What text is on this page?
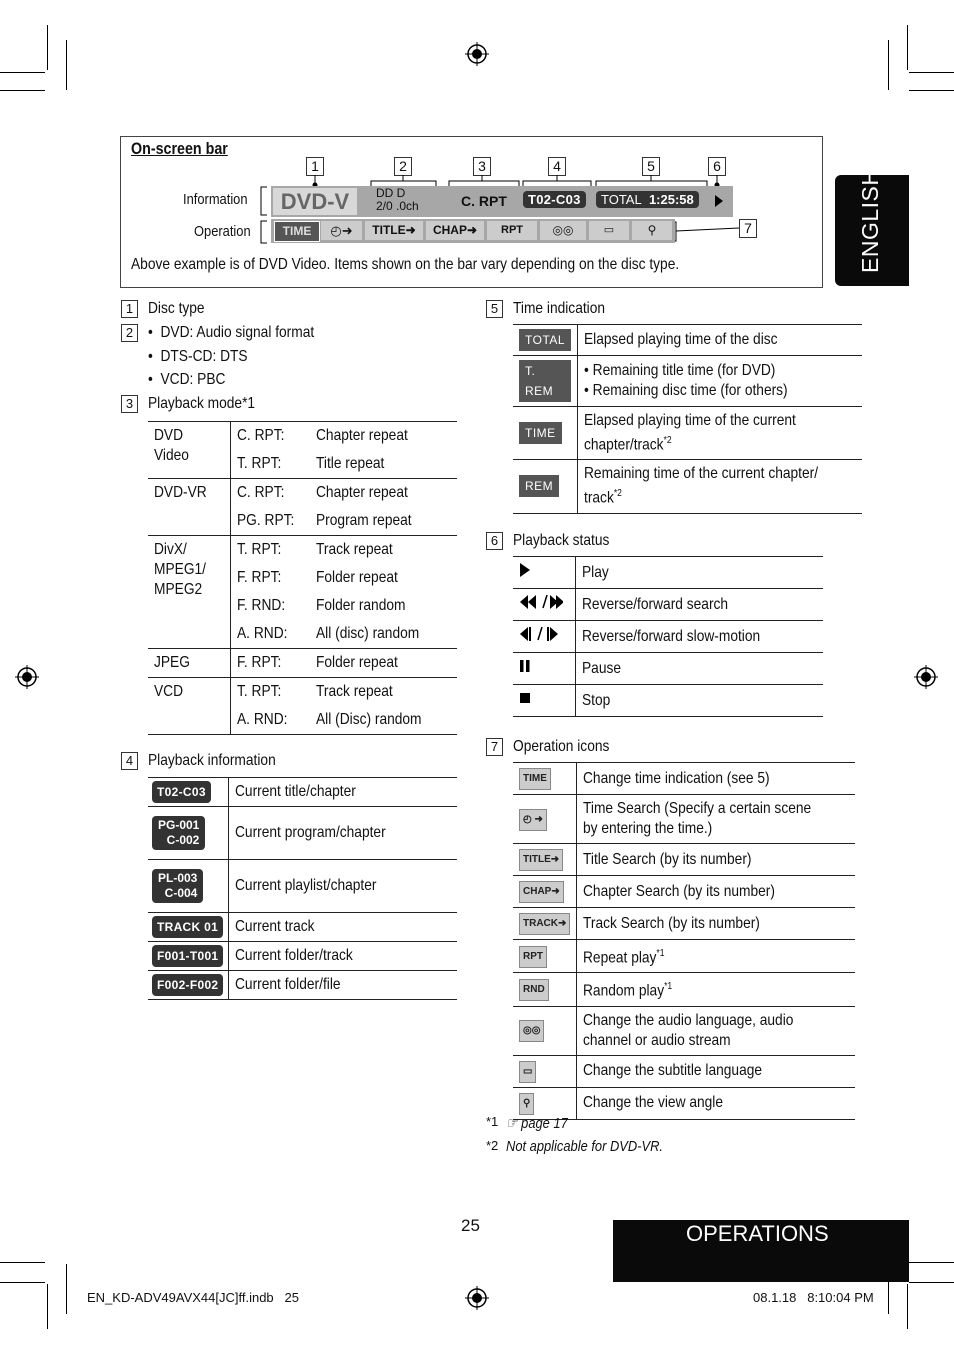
ENGLISH
On-screen bar
1	2	3	4	5	6
7
Information
Operation
DVD-V	DD D
2/0 .0ch	C. RPT	T02-C03	TOTAL 1:25:58
TIME	◴➜	TITLE➜	CHAP➜	RPT	◎◎	▭	⚲
Above example is of DVD Video. Items shown on the bar vary depending on the disc type.
1 Disc type
2 •  DVD: Audio signal format
•  DTS-CD: DTS
•  VCD: PBC
3 Playback mode*1
DVD Video	C. RPT:	Chapter repeat
	T. RPT:	Title repeat
DVD-VR	C. RPT:	Chapter repeat
	PG. RPT:	Program repeat
DivX/ MPEG1/ MPEG2	T. RPT:	Track repeat
	F. RPT:	Folder repeat
	F. RND:	Folder random
	A. RND:	All (disc) random
JPEG	F. RPT:	Folder repeat
VCD	T. RPT:	Track repeat
	A. RND:	All (Disc) random
4 Playback information
T02-C03	Current title/chapter

PG-001
C-002	Current program/chapter

PL-003
C-004	Current playlist/chapter
TRACK 01	Current track
F001-T001	Current folder/track
F002-F002	Current folder/file
5 Time indication
TOTAL	Elapsed playing time of the disc

T. REM	• Remaining title time (for DVD)
• Remaining disc time (for others)

TIME	Elapsed playing time of the current
chapter/track$^{*2}$

REM	Remaining time of the current chapter/
track$^{*2}$
6 Playback status
	Play
	Reverse/forward search
	Reverse/forward slow-motion
	Pause
	Stop
7 Operation icons
TIME	Change time indication (see 5)

◴ ➜	Time Search (Specify a certain scene
by entering the time.)

TITLE➜	Title Search (by its number)

CHAP➜	Chapter Search (by its number)

TRACK➜	Track Search (by its number)

RPT	Repeat play$^{*1}$

RND	Random play$^{*1}$

◎◎	Change the audio language, audio
channel or audio stream

▭	Change the subtitle language

⚲	Change the view angle
*1 ☞ page 17
*2 Not applicable for DVD-VR.
25	OPERATIONS
EN_KD-ADV49AVX44[JC]ff.indb   25	08.1.18   8:10:04 PM
